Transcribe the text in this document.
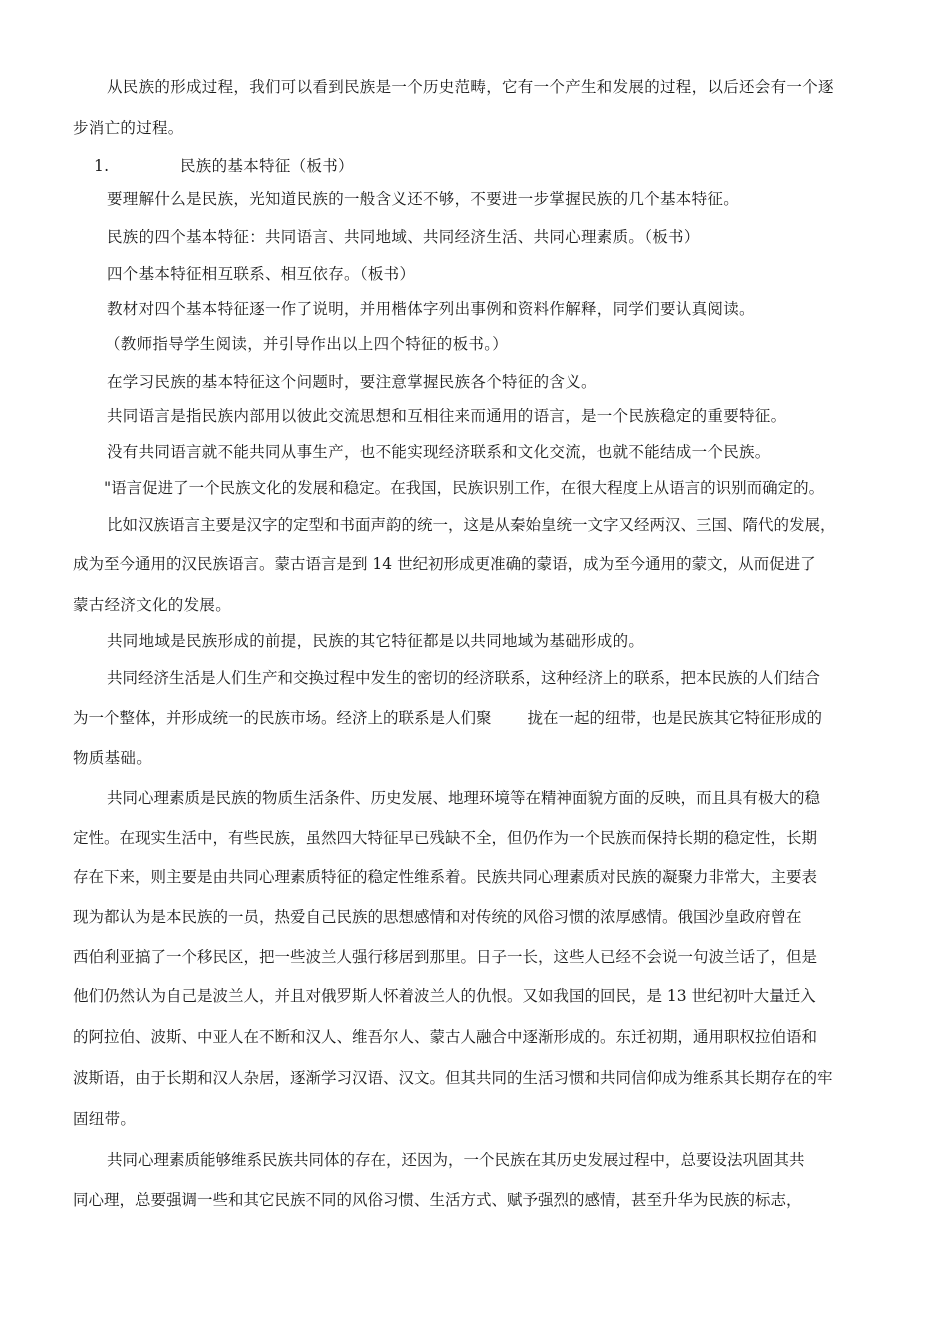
从民族的形成过程，我们可以看到民族是一个历史范畴，它有一个产生和发展的过程，以后还会有一个逐
步消亡的过程。
1.	民族的基本特征（板书）
要理解什么是民族，光知道民族的一般含义还不够，不要进一步掌握民族的几个基本特征。
民族的四个基本特征：共同语言、共同地域、共同经济生活、共同心理素质。（板书）
四个基本特征相互联系、相互依存。（板书）
教材对四个基本特征逐一作了说明，并用楷体字列出事例和资料作解释，同学们要认真阅读。
（教师指导学生阅读，并引导作出以上四个特征的板书。）
在学习民族的基本特征这个问题时，要注意掌握民族各个特征的含义。
共同语言是指民族内部用以彼此交流思想和互相往来而通用的语言，是一个民族稳定的重要特征。
没有共同语言就不能共同从事生产，也不能实现经济联系和文化交流，也就不能结成一个民族。
"语言促进了一个民族文化的发展和稳定。在我国，民族识别工作，在很大程度上从语言的识别而确定的。
比如汉族语言主要是汉字的定型和书面声韵的统一，这是从秦始皇统一文字又经两汉、三国、隋代的发展，
成为至今通用的汉民族语言。蒙古语言是到 14 世纪初形成更准确的蒙语，成为至今通用的蒙文，从而促进了
蒙古经济文化的发展。
共同地域是民族形成的前提，民族的其它特征都是以共同地域为基础形成的。
共同经济生活是人们生产和交换过程中发生的密切的经济联系，这种经济上的联系，把本民族的人们结合
为一个整体，并形成统一的民族市场。经济上的联系是人们聚 拢在一起的纽带，也是民族其它特征形成的
物质基础。
共同心理素质是民族的物质生活条件、历史发展、地理环境等在精神面貌方面的反映，而且具有极大的稳
定性。在现实生活中，有些民族，虽然四大特征早已残缺不全，但仍作为一个民族而保持长期的稳定性，长期
存在下来，则主要是由共同心理素质特征的稳定性维系着。民族共同心理素质对民族的凝聚力非常大，主要表
现为都认为是本民族的一员，热爱自己民族的思想感情和对传统的风俗习惯的浓厚感情。俄国沙皇政府曾在
西伯利亚搞了一个移民区，把一些波兰人强行移居到那里。日子一长，这些人已经不会说一句波兰话了，但是
他们仍然认为自己是波兰人，并且对俄罗斯人怀着波兰人的仇恨。又如我国的回民，是 13 世纪初叶大量迁入
的阿拉伯、波斯、中亚人在不断和汉人、维吾尔人、蒙古人融合中逐渐形成的。东迁初期，通用职权拉伯语和
波斯语，由于长期和汉人杂居，逐渐学习汉语、汉文。但其共同的生活习惯和共同信仰成为维系其长期存在的牢
固纽带。
共同心理素质能够维系民族共同体的存在，还因为，一个民族在其历史发展过程中，总要设法巩固其共
同心理，总要强调一些和其它民族不同的风俗习惯、生活方式、赋予强烈的感情，甚至升华为民族的标志，
